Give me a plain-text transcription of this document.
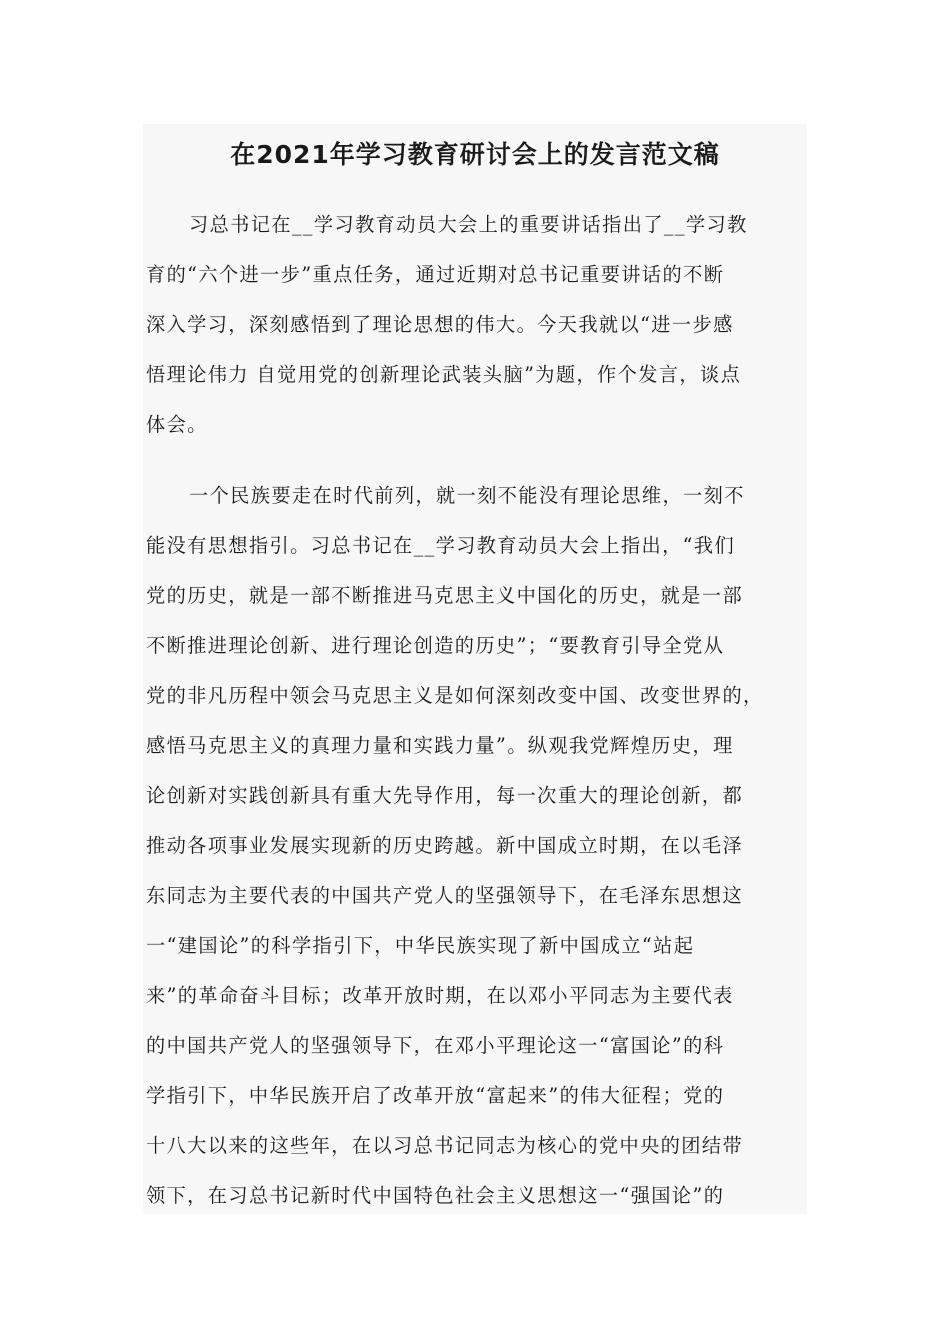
在2021年学习教育研讨会上的发言范文稿
习总书记在__学习教育动员大会上的重要讲话指出了__学习教
育的“六个进一步”重点任务，通过近期对总书记重要讲话的不断
深入学习，深刻感悟到了理论思想的伟大。今天我就以“进一步感
悟理论伟力 自觉用党的创新理论武装头脑”为题，作个发言，谈点
体会。
一个民族要走在时代前列，就一刻不能没有理论思维，一刻不
能没有思想指引。习总书记在__学习教育动员大会上指出，“我们
党的历史，就是一部不断推进马克思主义中国化的历史，就是一部
不断推进理论创新、进行理论创造的历史”；“要教育引导全党从
党的非凡历程中领会马克思主义是如何深刻改变中国、改变世界的，
感悟马克思主义的真理力量和实践力量”。纵观我党辉煌历史，理
论创新对实践创新具有重大先导作用，每一次重大的理论创新，都
推动各项事业发展实现新的历史跨越。新中国成立时期，在以毛泽
东同志为主要代表的中国共产党人的坚强领导下，在毛泽东思想这
一“建国论”的科学指引下，中华民族实现了新中国成立“站起
来”的革命奋斗目标；改革开放时期，在以邓小平同志为主要代表
的中国共产党人的坚强领导下，在邓小平理论这一“富国论”的科
学指引下，中华民族开启了改革开放“富起来”的伟大征程；党的
十八大以来的这些年，在以习总书记同志为核心的党中央的团结带
领下，在习总书记新时代中国特色社会主义思想这一“强国论”的
